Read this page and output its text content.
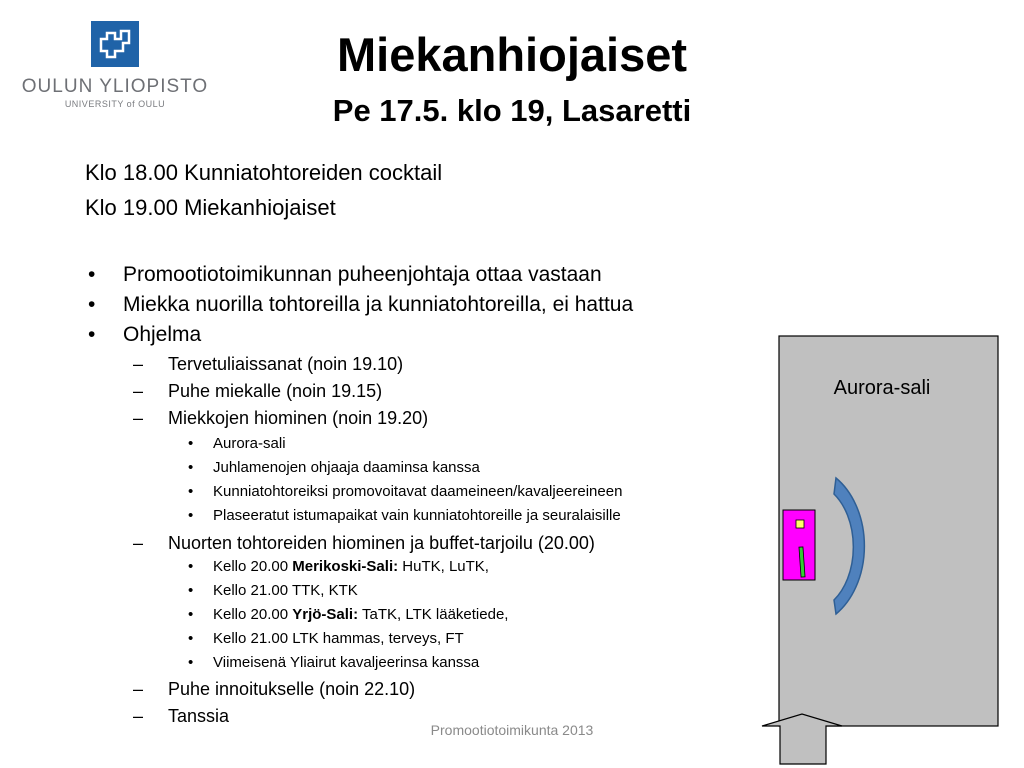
OULUN YLIOPISTO
UNIVERSITY of OULU
Miekanhiojaiset
Pe 17.5. klo 19, Lasaretti
Klo 18.00 Kunniatohtoreiden cocktail
Klo 19.00 Miekanhiojaiset
• Promootiotoimikunnan puheenjohtaja ottaa vastaan
• Miekka nuorilla tohtoreilla ja kunniatohtoreilla, ei hattua
• Ohjelma
– Tervetuliaissanat (noin 19.10)
– Puhe miekalle (noin 19.15)
– Miekkojen hiominen (noin 19.20)
• Aurora-sali
• Juhlamenojen ohjaaja daaminsa kanssa
• Kunniatohtoreiksi promovoitavat daameineen/kavaljeereineen
• Plaseeratut istumapaikat vain kunniatohtoreille ja seuralaisille
– Nuorten tohtoreiden hiominen ja buffet-tarjoilu (20.00)
• Kello 20.00 Merikoski-Sali: HuTK, LuTK,
• Kello 21.00 TTK, KTK
• Kello 20.00 Yrjö-Sali: TaTK, LTK lääketiede,
• Kello 21.00 LTK hammas, terveys, FT
• Viimeisenä Yliairut kavaljeerinsa kanssa
– Puhe innoitukselle (noin 22.10)
– Tanssia
Aurora-sali
Promootiotoimikunta 2013
